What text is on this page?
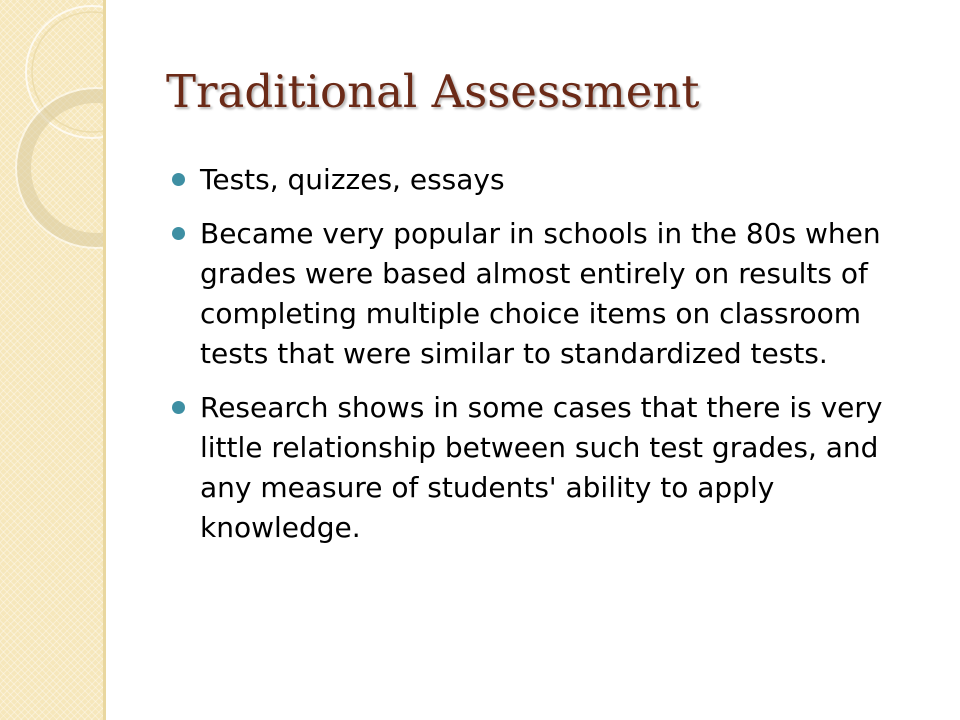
Traditional Assessment
Tests, quizzes, essays
Became very popular in schools in the 80s when grades were based almost entirely on results of completing multiple choice items on classroom tests that were similar to standardized tests.
Research shows in some cases that there is very little relationship between such test grades, and any measure of students' ability to apply knowledge.
